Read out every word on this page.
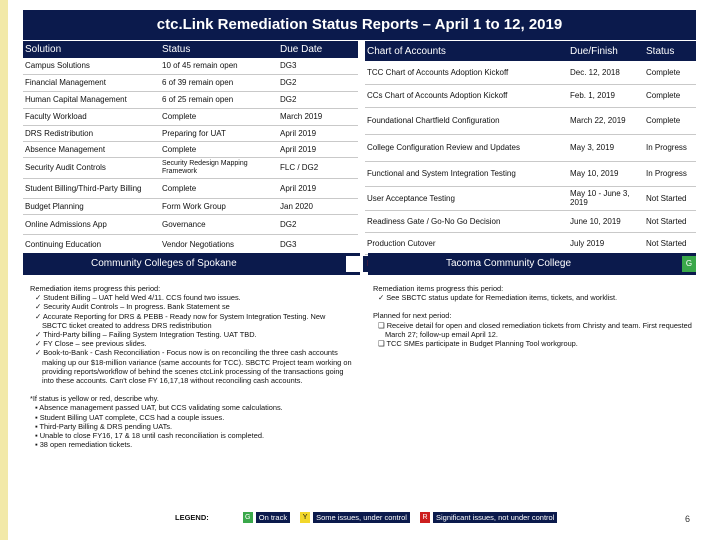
ctc.Link Remediation Status Reports – April 1 to 12, 2019
Solution	Status	Due Date
Campus Solutions	10 of 45 remain open	DG3
Financial Management	6 of 39 remain open	DG2
Human Capital Management	6 of 25 remain open	DG2
Faculty Workload	Complete	March 2019
DRS Redistribution	Preparing for UAT	April 2019
Absence Management	Complete	April 2019
Security Audit Controls	Security Redesign Mapping Framework	FLC / DG2
Student Billing/Third-Party Billing	Complete	April 2019
Budget Planning	Form Work Group	Jan 2020
Online Admissions App	Governance	DG2
Continuing Education	Vendor Negotiations	DG3
Chart of Accounts	Due/Finish	Status
TCC Chart of Accounts Adoption Kickoff	Dec. 12, 2018	Complete
CCs Chart of Accounts Adoption Kickoff	Feb. 1, 2019	Complete
Foundational Chartfield Configuration	March 22, 2019	Complete
College Configuration Review and Updates	May 3, 2019	In Progress
Functional and System Integration Testing	May 10, 2019	In Progress
User Acceptance Testing	May 10 - June 3, 2019	Not Started
Readiness Gate / Go-No Go Decision	June 10, 2019	Not Started
Production Cutover	July 2019	Not Started
Community Colleges of Spokane

Remediation items progress this period:

✓ Student Billing – UAT held Wed 4/11. CCS found two issues.

✓ Security Audit Controls – In progress. Bank Statement se

✓ Accurate Reporting for DRS & PEBB - Ready now for System Integration Testing. New SBCTC ticket created to address DRS redistribution

✓ Third-Party billing – Failing System Integration Testing. UAT TBD.

✓ FY Close – see previous slides.

✓ Book-to-Bank - Cash Reconciliation - Focus now is on reconciling the three cash accounts making up our $18-million variance (same accounts for TCC). SBCTC Project team working on providing reports/workflow of behind the scenes ctcLink processing of the transactions going into these accounts. Can't close FY 16,17,18 without reconciling cash accounts.

*If status is yellow or red, describe why.

▪ Absence management passed UAT, but CCS validating some calculations.

▪ Student Billing UAT complete, CCS had a couple issues.

▪ Third-Party Billing & DRS pending UATs.

▪ Unable to close FY16, 17 & 18 until cash reconciliation is completed.

▪ 38 open remediation tickets.

Tacoma Community College	G

Remediation items progress this period:

✓ See SBCTC status update for Remediation items, tickets, and worklist.

Planned for next period:

❑ Receive detail for open and closed remediation tickets from Christy and team. First requested March 27; follow-up email April 12.

❑ TCC SMEs participate in Budget Planning Tool workgroup.

LEGEND:	G	On track	Y	Some issues, under control	R	Significant issues, not under control	6
